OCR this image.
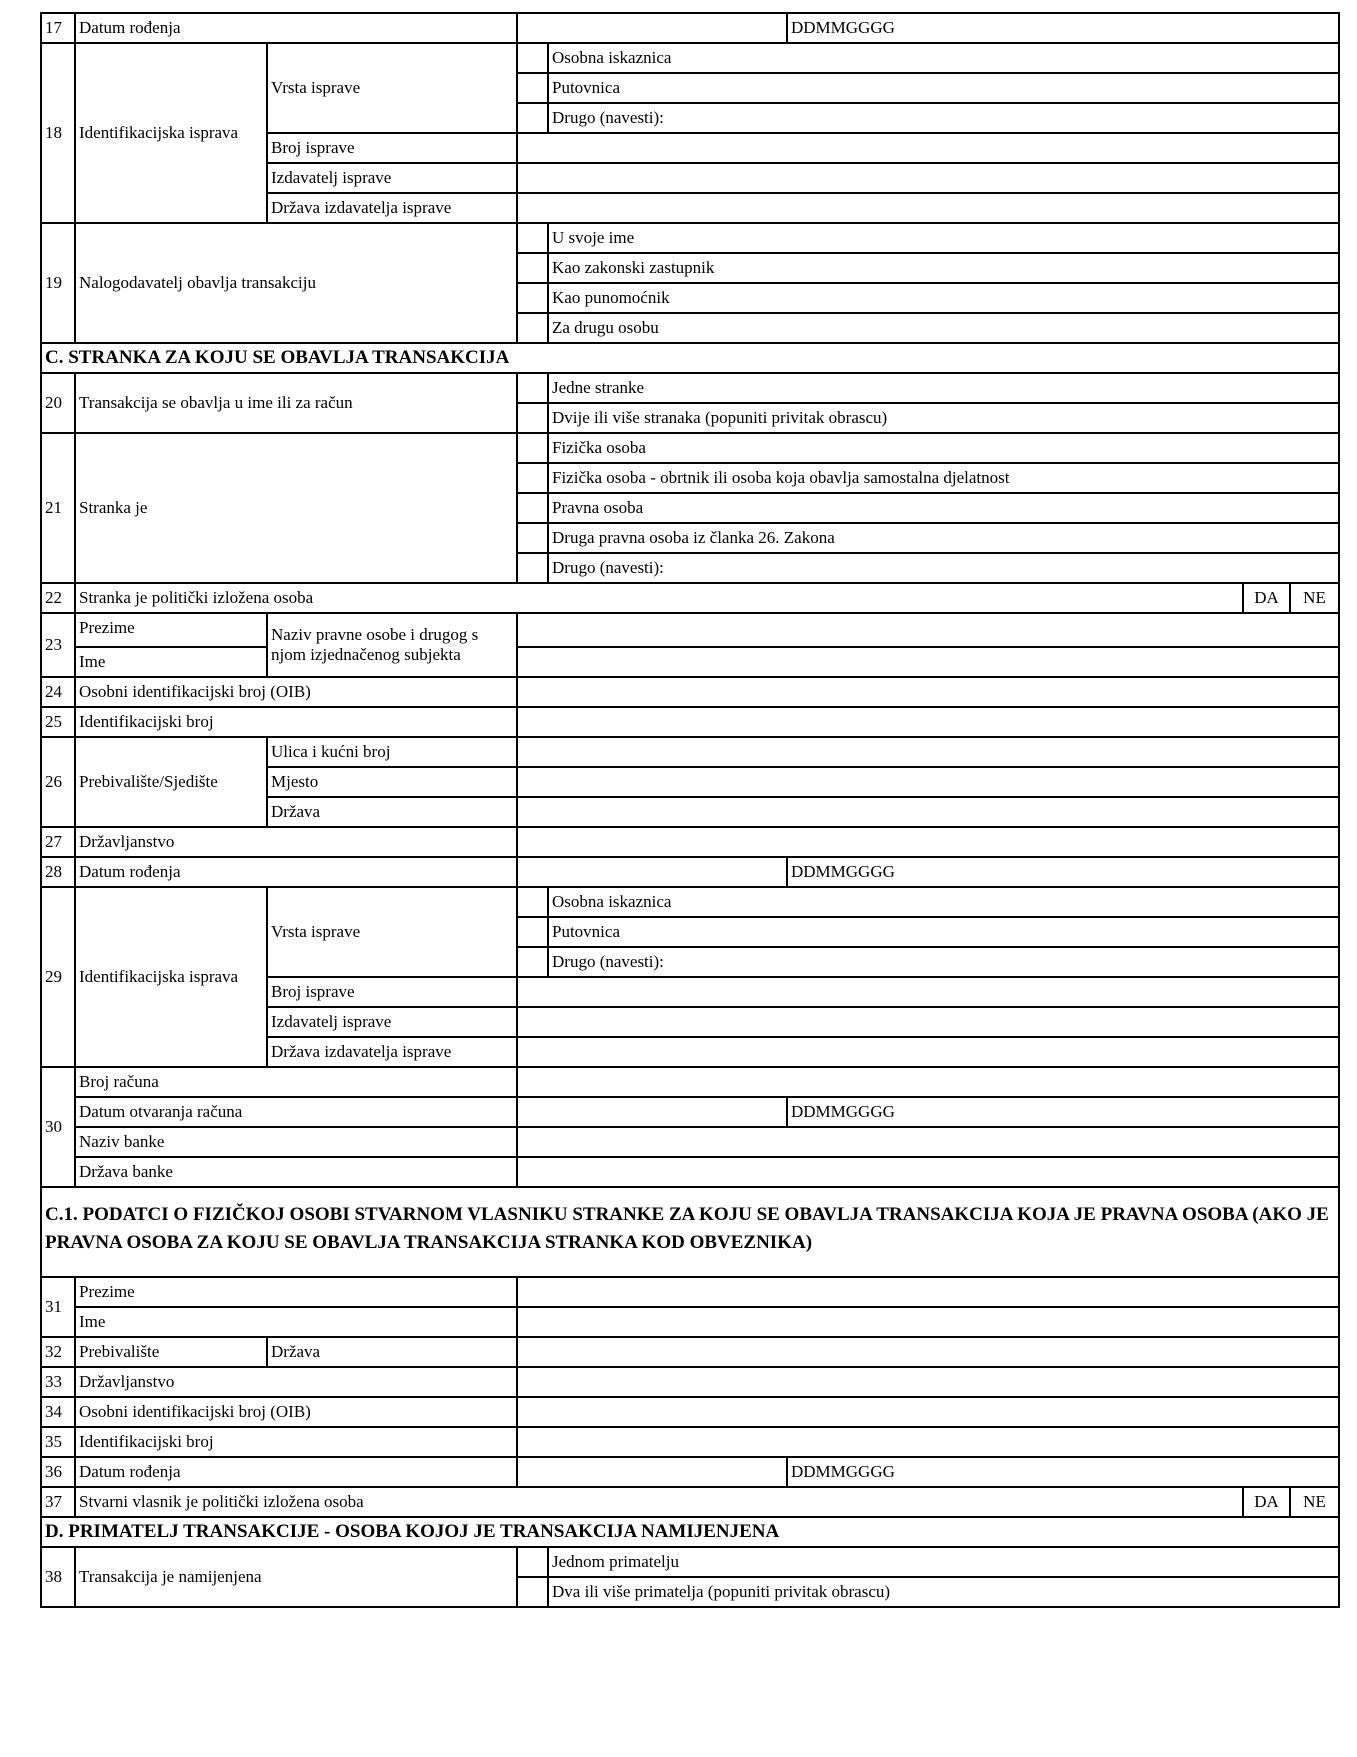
17	Datum rođenja				DDMMGGGG		
18	Identifikacijska isprava	Vrsta isprave		Osobna iskaznica			
				Putovnica			
				Drugo (navesti):			
		Broj isprave					
		Izdavatelj isprave					
		Država izdavatelja isprave					
19	Nalogodavatelj obavlja transakciju			U svoje ime			
				Kao zakonski zastupnik			
				Kao punomoćnik			
				Za drugu osobu			
C. STRANKA ZA KOJU SE OBAVLJA TRANSAKCIJA							
20	Transakcija se obavlja u ime ili za račun			Jedne stranke			
				Dvije ili više stranaka (popuniti privitak obrascu)			
21	Stranka je			Fizička osoba			
				Fizička osoba - obrtnik ili osoba koja obavlja samostalna djelatnost			
				Pravna osoba			
				Druga pravna osoba iz članka 26. Zakona			
				Drugo (navesti):			
22	Stranka je politički izložena osoba					DA	NE
23	Prezime	Naziv pravne osobe i drugog s njom izjednačenog subjekta					
	Ime						
24	Osobni identifikacijski broj (OIB)						
25	Identifikacijski broj						
26	Prebivalište/Sjedište	Ulica i kućni broj					
		Mjesto					
		Država					
27	Državljanstvo						
28	Datum rođenja				DDMMGGGG		
29	Identifikacijska isprava	Vrsta isprave		Osobna iskaznica			
				Putovnica			
				Drugo (navesti):			
		Broj isprave					
		Izdavatelj isprave					
		Država izdavatelja isprave					
30	Broj računa						
	Datum otvaranja računa				DDMMGGGG		
	Naziv banke						
	Država banke						
C.1. PODATCI O FIZIČKOJ OSOBI STVARNOM VLASNIKU STRANKE ZA KOJU SE OBAVLJA TRANSAKCIJA KOJA JE PRAVNA OSOBA (AKO JE PRAVNA OSOBA ZA KOJU SE OBAVLJA TRANSAKCIJA STRANKA KOD OBVEZNIKA)							
31	Prezime						
	Ime						
32	Prebivalište	Država					
33	Državljanstvo						
34	Osobni identifikacijski broj (OIB)						
35	Identifikacijski broj						
36	Datum rođenja				DDMMGGGG		
37	Stvarni vlasnik je politički izložena osoba					DA	NE
D. PRIMATELJ TRANSAKCIJE - OSOBA KOJOJ JE TRANSAKCIJA NAMIJENJENA							
38	Transakcija je namijenjena			Jednom primatelju			
				Dva ili više primatelja (popuniti privitak obrascu)			
